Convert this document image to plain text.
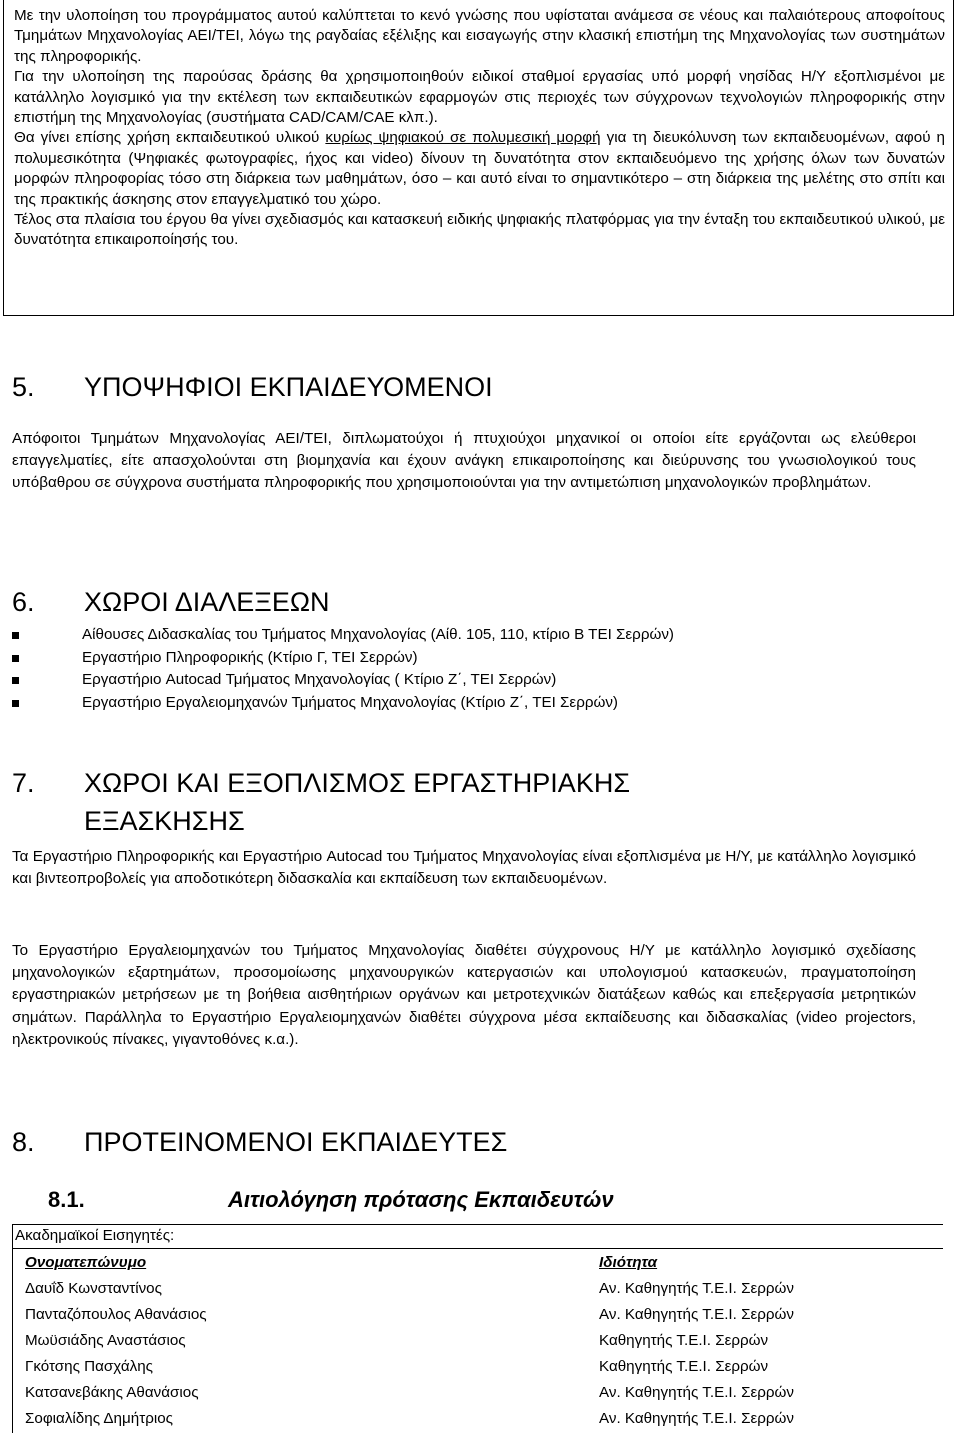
Με την υλοποίηση του προγράμματος αυτού καλύπτεται το κενό γνώσης που υφίσταται ανάμεσα σε νέους και παλαιότερους αποφοίτους Τμημάτων Μηχανολογίας ΑΕΙ/ΤΕΙ, λόγω της ραγδαίας εξέλιξης και εισαγωγής στην κλασική επιστήμη της Μηχανολογίας των συστημάτων της πληροφορικής.

Για την υλοποίηση της παρούσας δράσης θα χρησιμοποιηθούν ειδικοί σταθμοί εργασίας υπό μορφή νησίδας Η/Υ εξοπλισμένοι με κατάλληλο λογισμικό για την εκτέλεση των εκπαιδευτικών εφαρμογών στις περιοχές των σύγχρονων τεχνολογιών πληροφορικής στην επιστήμη της Μηχανολογίας (συστήματα CAD/CAM/CAE κλπ.).

Θα γίνει επίσης χρήση εκπαιδευτικού υλικού κυρίως ψηφιακού σε πολυμεσική μορφή για τη διευκόλυνση των εκπαιδευομένων, αφού η πολυμεσικότητα (Ψηφιακές φωτογραφίες, ήχος και video) δίνουν τη δυνατότητα στον εκπαιδευόμενο της χρήσης όλων των δυνατών μορφών πληροφορίας τόσο στη διάρκεια των μαθημάτων, όσο – και αυτό είναι το σημαντικότερο – στη διάρκεια της μελέτης στο σπίτι και της πρακτικής άσκησης στον επαγγελματικό του χώρο.

Τέλος στα πλαίσια του έργου θα γίνει σχεδιασμός και κατασκευή ειδικής ψηφιακής πλατφόρμας για την ένταξη του εκπαιδευτικού υλικού, με δυνατότητα επικαιροποίησής του.

5. ΥΠΟΨΗΦΙΟΙ ΕΚΠΑΙΔΕΥΟΜΕΝΟΙ

Απόφοιτοι Τμημάτων Μηχανολογίας ΑΕΙ/ΤΕΙ, διπλωματούχοι ή πτυχιούχοι μηχανικοί οι οποίοι είτε εργάζονται ως ελεύθεροι επαγγελματίες, είτε απασχολούνται στη βιομηχανία και έχουν ανάγκη επικαιροποίησης και διεύρυνσης του γνωσιολογικού τους υπόβαθρου σε σύγχρονα συστήματα πληροφορικής που χρησιμοποιούνται για την αντιμετώπιση μηχανολογικών προβλημάτων.

6. ΧΩΡΟΙ ΔΙΑΛΕΞΕΩΝ
Αίθουσες Διδασκαλίας του Τμήματος Μηχανολογίας (Αίθ. 105, 110, κτίριο Β ΤΕΙ Σερρών)
Εργαστήριο Πληροφορικής (Κτίριο Γ, ΤΕΙ Σερρών)
Εργαστήριο Autocad Τμήματος Μηχανολογίας ( Κτίριο Ζ΄, ΤΕΙ Σερρών)
Εργαστήριο Εργαλειομηχανών Τμήματος Μηχανολογίας (Κτίριο Ζ΄, ΤΕΙ Σερρών)
7. ΧΩΡΟΙ ΚΑΙ ΕΞΟΠΛΙΣΜΟΣ ΕΡΓΑΣΤΗΡΙΑΚΗΣ
ΕΞΑΣΚΗΣΗΣ

Τα Εργαστήριο Πληροφορικής και Εργαστήριο Autocad του Τμήματος Μηχανολογίας είναι εξοπλισμένα με Η/Υ, με κατάλληλο λογισμικό και βιντεοπροβολείς για αποδοτικότερη διδασκαλία και εκπαίδευση των εκπαιδευομένων.

Το Εργαστήριο Εργαλειομηχανών του Τμήματος Μηχανολογίας διαθέτει σύγχρονους Η/Υ με κατάλληλο λογισμικό σχεδίασης μηχανολογικών εξαρτημάτων, προσομοίωσης μηχανουργικών κατεργασιών και υπολογισμού κατασκευών, πραγματοποίηση εργαστηριακών μετρήσεων με τη βοήθεια αισθητήριων οργάνων και μετροτεχνικών διατάξεων καθώς και επεξεργασία μετρητικών σημάτων. Παράλληλα το Εργαστήριο Εργαλειομηχανών διαθέτει σύγχρονα μέσα εκπαίδευσης και διδασκαλίας (video projectors, ηλεκτρονικούς πίνακες, γιγαντοθόνες κ.α.).

8. ΠΡΟΤΕΙΝΟΜΕΝΟΙ ΕΚΠΑΙΔΕΥΤΕΣ
8.1.	Αιτιολόγηση πρότασης Εκπαιδευτών
Ακαδημαϊκοί Εισηγητές:
Ονοματεπώνυμο	Ιδιότητα
Δαυΐδ Κωνσταντίνος	Αν. Καθηγητής Τ.Ε.Ι. Σερρών
Πανταζόπουλος Αθανάσιος	Αν. Καθηγητής Τ.Ε.Ι. Σερρών
Μωϋσιάδης Αναστάσιος	Καθηγητής Τ.Ε.Ι. Σερρών
Γκότσης Πασχάλης	Καθηγητής Τ.Ε.Ι. Σερρών
Κατσανεβάκης Αθανάσιος	Αν. Καθηγητής Τ.Ε.Ι. Σερρών
Σοφιαλίδης Δημήτριος	Αν. Καθηγητής Τ.Ε.Ι. Σερρών
